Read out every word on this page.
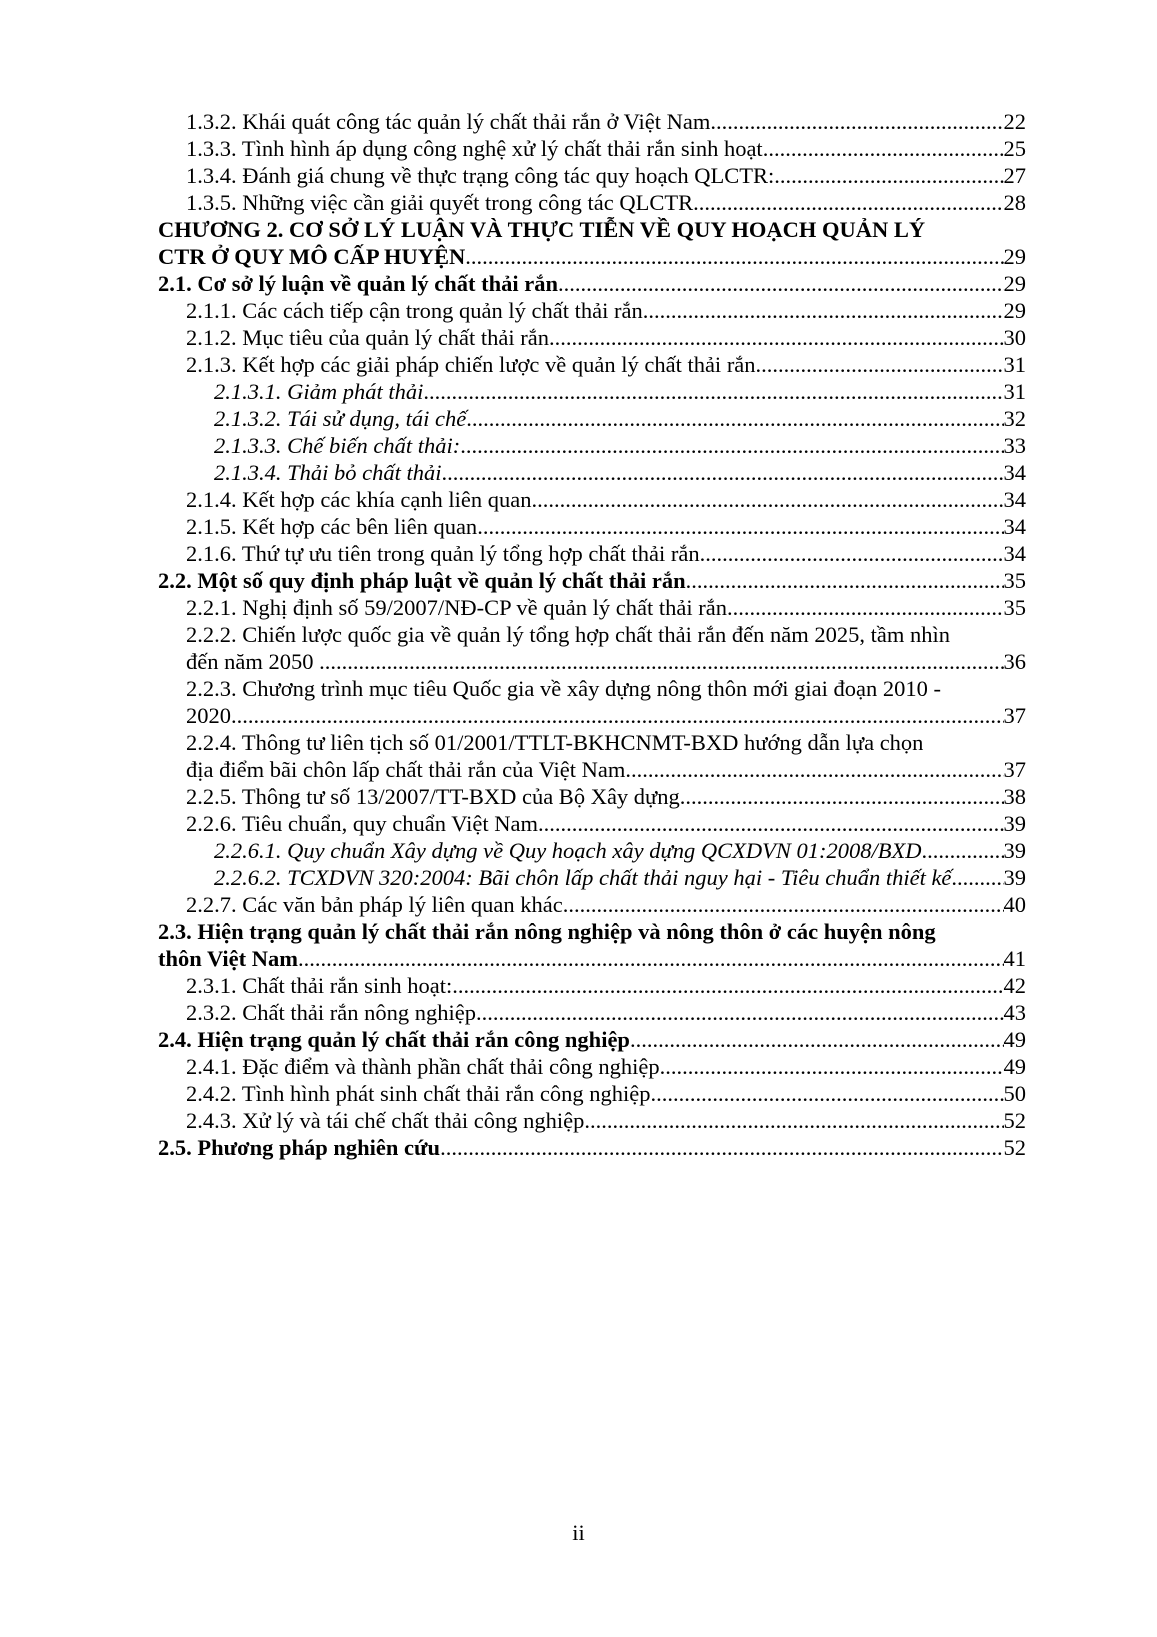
1.3.2. Khái quát công tác quản lý chất thải rắn ở Việt Nam .....	22
1.3.3. Tình hình áp dụng công nghệ xử lý chất thải rắn sinh hoạt .....	25
1.3.4. Đánh giá chung về thực trạng công tác quy hoạch QLCTR: .....	27
1.3.5. Những việc cần giải quyết trong công tác QLCTR .....	28
CHƯƠNG 2. CƠ SỞ LÝ LUẬN VÀ THỰC TIỄN VỀ QUY HOẠCH QUẢN LÝ
CTR Ở QUY MÔ CẤP HUYỆN .....	29
2.1. Cơ sở lý luận về quản lý chất thải rắn .....	29
2.1.1. Các cách tiếp cận trong quản lý chất thải rắn .....	29
2.1.2. Mục tiêu của quản lý chất thải rắn .....	30
2.1.3. Kết hợp các giải pháp chiến lược về quản lý chất thải rắn .....	31
2.1.3.1. Giảm phát thải .....	31
2.1.3.2. Tái sử dụng, tái chế .....	32
2.1.3.3. Chế biến chất thải: .....	33
2.1.3.4. Thải bỏ chất thải .....	34
2.1.4. Kết hợp các khía cạnh liên quan .....	34
2.1.5. Kết hợp các bên liên quan .....	34
2.1.6. Thứ tự ưu tiên trong quản lý tổng hợp chất thải rắn .....	34
2.2. Một số quy định pháp luật về quản lý chất thải rắn .....	35
2.2.1. Nghị định số 59/2007/NĐ-CP về quản lý chất thải rắn .....	35
2.2.2. Chiến lược quốc gia về quản lý tổng hợp chất thải rắn đến năm 2025, tầm nhìn
đến năm 2050 . .....	36
2.2.3. Chương trình mục tiêu Quốc gia về xây dựng nông thôn mới giai đoạn 2010 -
2020 .....	37
2.2.4. Thông tư liên tịch số 01/2001/TTLT-BKHCNMT-BXD hướng dẫn lựa chọn
địa điểm bãi chôn lấp chất thải rắn của Việt Nam .....	37
2.2.5. Thông tư số 13/2007/TT-BXD của Bộ Xây dựng .....	38
2.2.6. Tiêu chuẩn, quy chuẩn Việt Nam .....	39
2.2.6.1. Quy chuẩn Xây dựng về Quy hoạch xây dựng QCXDVN 01:2008/BXD .....	39
2.2.6.2. TCXDVN 320:2004: Bãi chôn lấp chất thải nguy hại - Tiêu chuẩn thiết kế ..... 39
2.2.7. Các văn bản pháp lý liên quan khác .....	40
2.3. Hiện trạng quản lý chất thải rắn nông nghiệp và nông thôn ở các huyện nông
thôn Việt Nam .....	41
2.3.1. Chất thải rắn sinh hoạt: .....	42
2.3.2. Chất thải rắn nông nghiệp .....	43
2.4. Hiện trạng quản lý chất thải rắn công nghiệp .....	49
2.4.1. Đặc điểm và thành phần chất thải công nghiệp .....	49
2.4.2. Tình hình phát sinh chất thải rắn công nghiệp .....	50
2.4.3. Xử lý và tái chế chất thải công nghiệp .....	52
2.5. Phương pháp nghiên cứu .....	52
ii
